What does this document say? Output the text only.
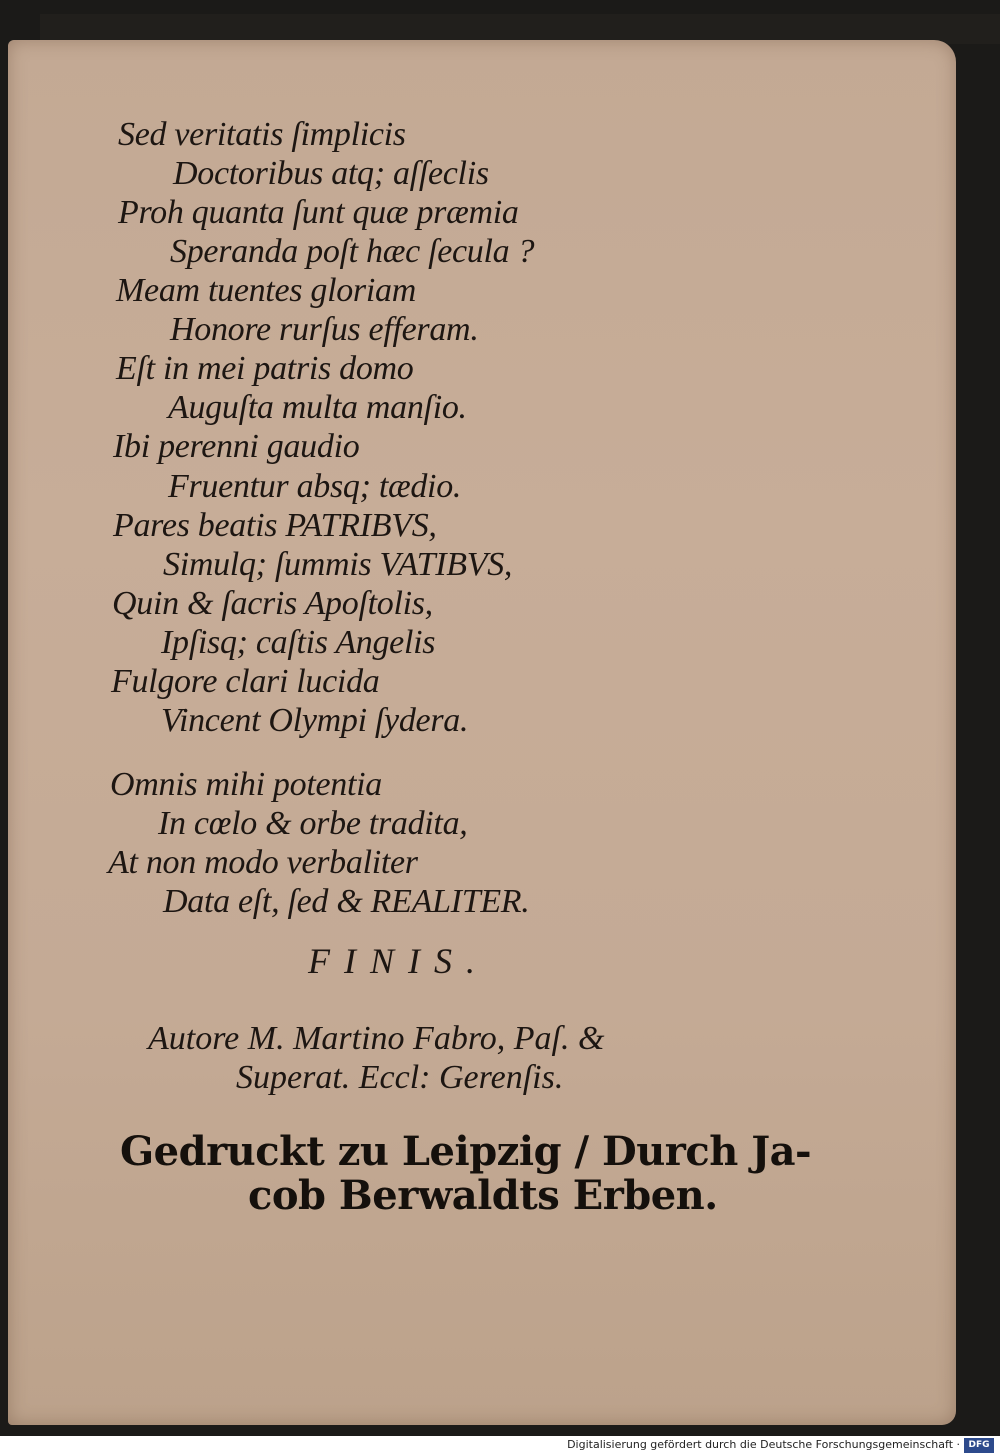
Sed veritatis ſimplicis
Doctoribus atq; aſſeclis
Proh quanta ſunt quæ præmia
Speranda poſt hæc ſecula ?
Meam tuentes gloriam
Honore rurſus efferam.
Eſt in mei patris domo
Auguſta multa manſio.
Ibi perenni gaudio
Fruentur absq; tædio.
Pares beatis PATRIBVS,
Simulq; ſummis VATIBVS,
Quin & ſacris Apoſtolis,
Ipſisq; caſtis Angelis
Fulgore clari lucida
Vincent Olympi ſydera.
Omnis mihi potentia
In cœlo & orbe tradita,
At non modo verbaliter
Data eſt, ſed & REALITER.
FINIS.
Autore M. Martino Fabro, Paſ. &
Superat. Eccl: Gerenſis.
Gedruckt zu Leipzig / Durch Ja-
cob Berwaldts Erben.
Digitalisierung gefördert durch die Deutsche Forschungsgemeinschaft · DFG
